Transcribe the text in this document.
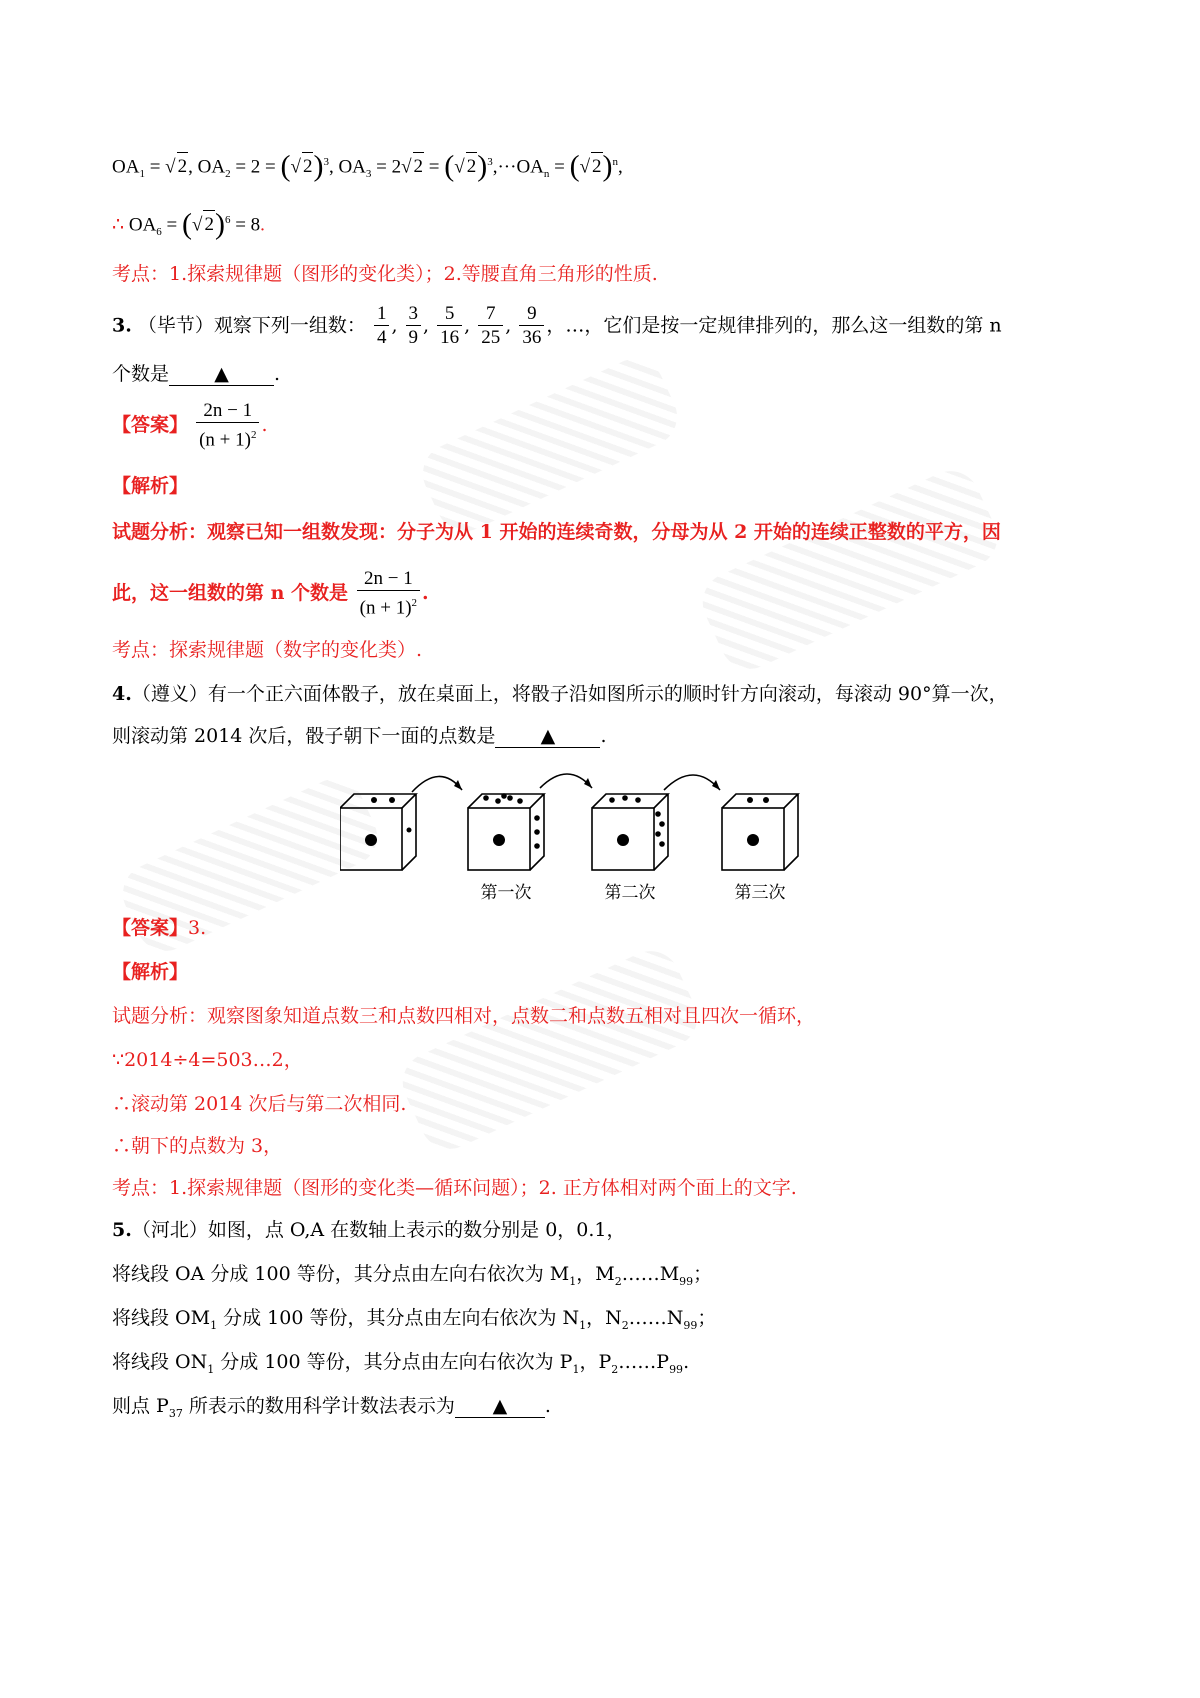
$OA_1$ = √ 2, $OA_2 = 2$ = (√ 2)$^3$, $OA_3 = 2√$ 2 = (√ $2)^3,\cdot\cdot\cdot OA_n$ = (√ 2)$^n$,
∴ $OA_6$ = (√ 2)$^6$ = 8.
考点：1.探索规律题（图形的变化类）；2.等腰直角三角形的性质.
3. （毕节）观察下列一组数： $\frac{1}{4}$ , $\frac{3}{9}$ , $\frac{5}{16}$ , $\frac{7}{25}$ , $\frac{9}{36}$ ，…，它们是按一定规律排列的，那么这一组数的第 n
个数是 ▲ .
【答案】 $\frac{2n - 1}{(n + 1)^2}$ .
【解析】
试题分析：观察已知一组数发现：分子为从 1 开始的连续奇数，分母为从 2 开始的连续正整数的平方，因
此，这一组数的第 n 个数是 $\frac{2n - 1}{(n + 1)^2}$ .
考点：探索规律题（数字的变化类）.
4.（遵义）有一个正六面体骰子，放在桌面上，将骰子沿如图所示的顺时针方向滚动，每滚动 90°算一次，
则滚动第 2014 次后，骰子朝下一面的点数是 ▲ .
第一次	第二次	第三次
【答案】3.
【解析】
试题分析：观察图象知道点数三和点数四相对，点数二和点数五相对且四次一循环，
∵2014÷4=503…2，
∴滚动第 2014 次后与第二次相同.
∴朝下的点数为 3，
考点：1.探索规律题（图形的变化类—循环问题）；2. 正方体相对两个面上的文字.
5.（河北）如图，点 O,A 在数轴上表示的数分别是 0，0.1，
将线段 OA 分成 100 等份，其分点由左向右依次为 $M_1$，$M_2\dots\dots M_{99}$；
将线段 $OM_1$ 分成 100 等份，其分点由左向右依次为 $N_1$，$N_2\dots\dots N_{99}$；
将线段 $ON_1$ 分成 100 等份，其分点由左向右依次为 $P_1$，$P_2\dots\dots P_{99}$.
则点 $P_{37}$ 所表示的数用科学计数法表示为 ▲ .
